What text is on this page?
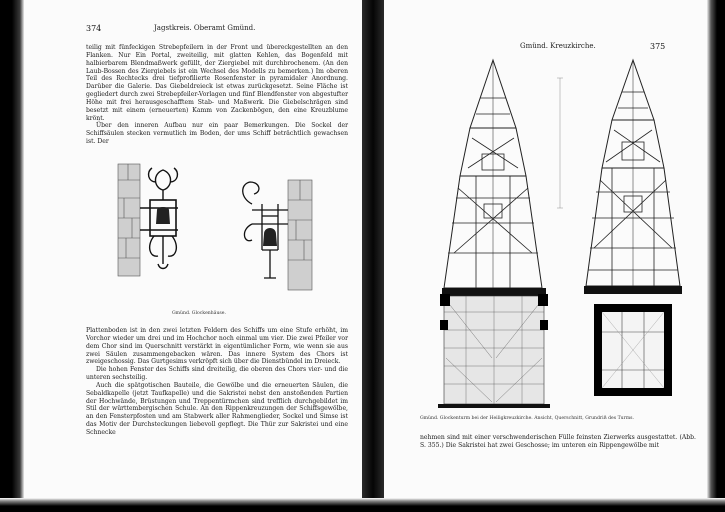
374	Jagstkreis. Oberamt Gmünd.

teilig mit fünfeckigen Strebepfeilern in der Front und übereckgestellten an den Flanken. Nur Ein Portal, zweiteilig, mit glatten Kehlen, das Bogenfeld mit halbierbarem Blendmaßwerk gefüllt, der Ziergiebel mit durchbrochenem. (An den Laub-Bossen des Ziergiebels ist ein Wechsel des Modells zu bemerken.) Im oberen Teil des Rechtecks drei tiefprofilierte Rosenfenster in pyramidaler Anordnung. Darüber die Galerie. Das Giebeldreieck ist etwas zurückgesetzt. Seine Fläche ist gegliedert durch zwei Strebepfeiler-Vorlagen und fünf Blendfenster von abgestufter Höhe mit frei herausgeschafftem Stab- und Maßwerk. Die Giebelschrägen sind besetzt mit einem (erneuerten) Kamm von Zackenbögen, den eine Kreuzblume krönt.

Über den inneren Aufbau nur ein paar Bemerkungen. Die Sockel der Schiffsäulen stecken vermutlich im Boden, der ums Schiff beträchtlich gewachsen ist. Der

Gmünd. Glockenhäuse.

Plattenboden ist in den zwei letzten Feldern des Schiffs um eine Stufe erhöht, im Vorchor wieder um drei und im Hochchor noch einmal um vier. Die zwei Pfeiler vor dem Chor sind im Querschnitt verstärkt in eigentümlicher Form, wie wenn sie aus zwei Säulen zusammengebacken wären. Das innere System des Chors ist zweigeschossig. Das Gurtgesims verkröpft sich über die Dienstbündel im Dreieck.

Die hohen Fenster des Schiffs sind dreiteilig, die oberen des Chors vier- und die unteren sechsteilig.

Auch die spätgotischen Bauteile, die Gewölbe und die erneuerten Säulen, die Sebaldkapelle (jetzt Taufkapelle) und die Sakristei nebst den anstoßenden Partien der Hochwände, Brüstungen und Treppentürmchen sind trefflich durchgebildet im Stil der württembergischen Schule. An den Rippenkreuzungen der Schiffsgewölbe, an den Fensterpfosten und am Stabwerk aller Rahmenglieder, Sockel und Simse ist das Motiv der Durchsteckungen liebevoll gepflegt. Die Thür zur Sakristei und eine Schnecke

Gmünd. Kreuzkirche.	375
Gmünd. Glockenturm bei der Heiligkreuzkirche. Ansicht, Querschnitt, Grundriß des Turms.

nehmen sind mit einer verschwenderischen Fülle feinsten Zierwerks ausgestattet. (Abb. S. 355.) Die Sakristei hat zwei Geschosse; im unteren ein Rippengewölbe mit
